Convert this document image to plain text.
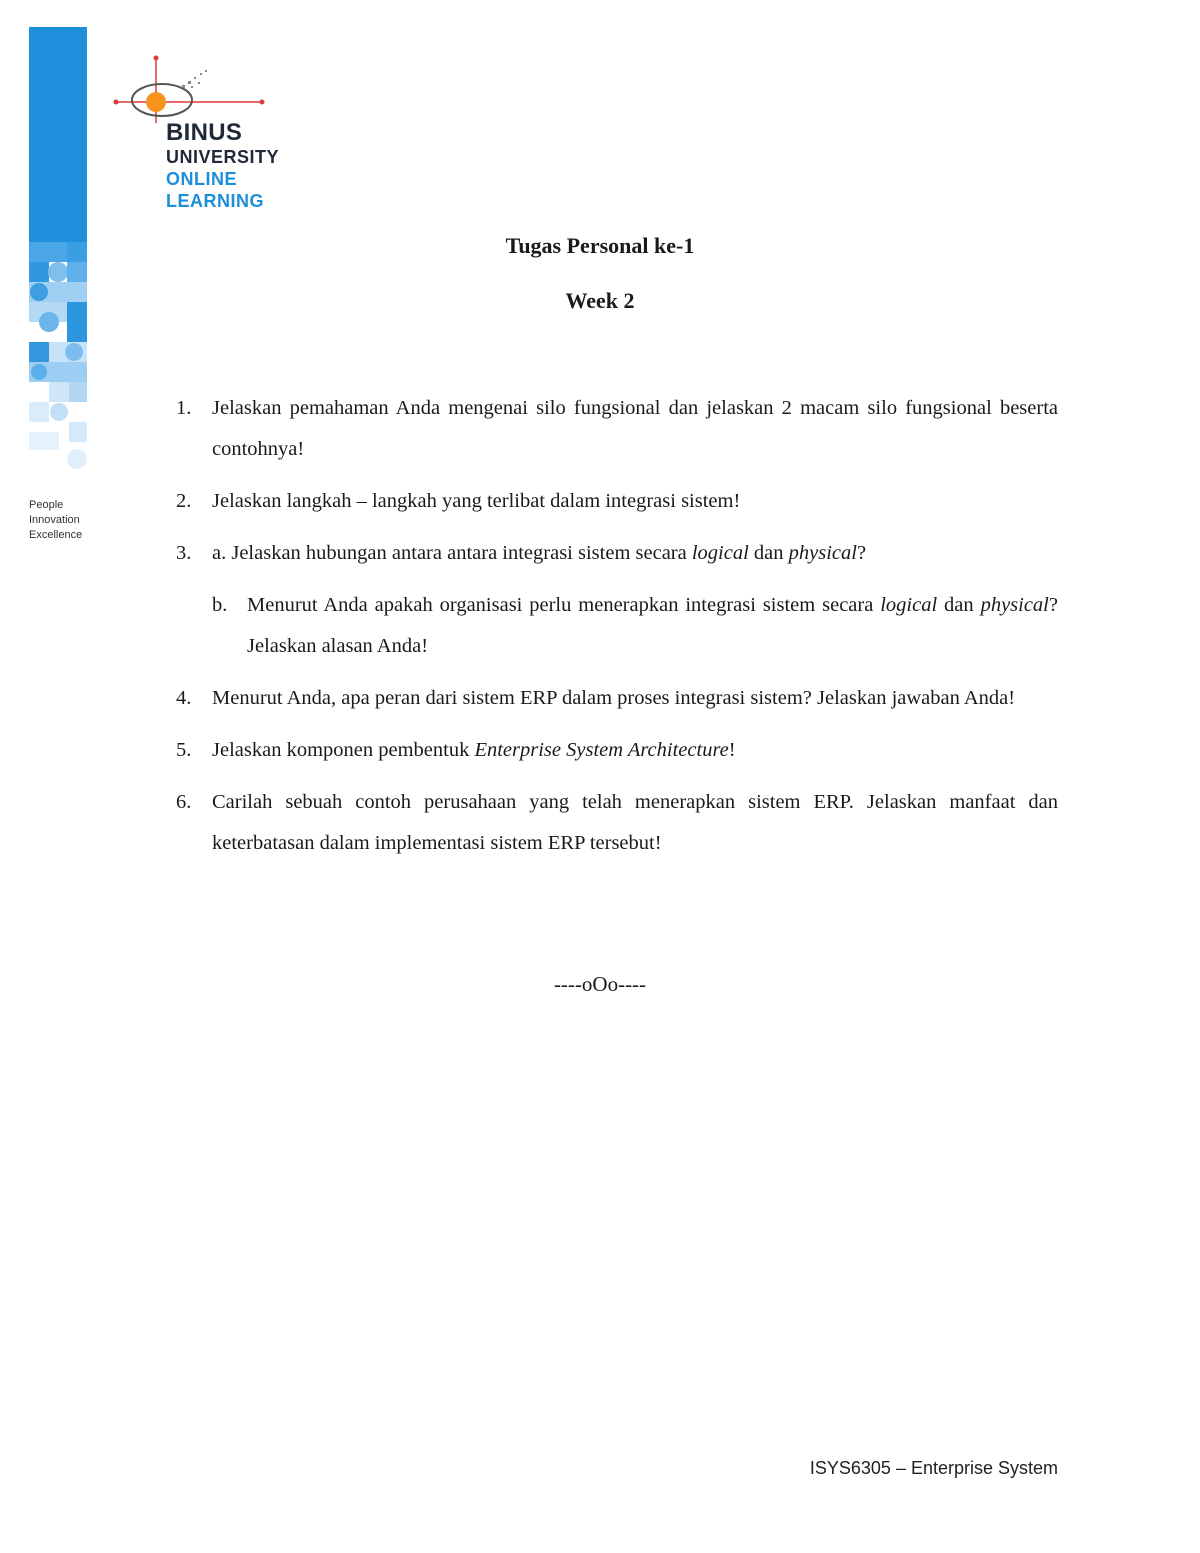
People
Innovation
Excellence
BINUS
UNIVERSITY
ONLINE
LEARNING
Tugas Personal ke-1
Week 2
1. Jelaskan pemahaman Anda mengenai silo fungsional dan jelaskan 2 macam silo fungsional beserta contohnya!
2. Jelaskan langkah – langkah yang terlibat dalam integrasi sistem!
3. a. Jelaskan hubungan antara antara integrasi sistem secara logical dan physical?
b. Menurut Anda apakah organisasi perlu menerapkan integrasi sistem secara logical dan physical? Jelaskan alasan Anda!
4. Menurut Anda, apa peran dari sistem ERP dalam proses integrasi sistem? Jelaskan jawaban Anda!
5. Jelaskan komponen pembentuk Enterprise System Architecture!
6. Carilah sebuah contoh perusahaan yang telah menerapkan sistem ERP. Jelaskan manfaat dan keterbatasan dalam implementasi sistem ERP tersebut!

----oOo----

ISYS6305 – Enterprise System
